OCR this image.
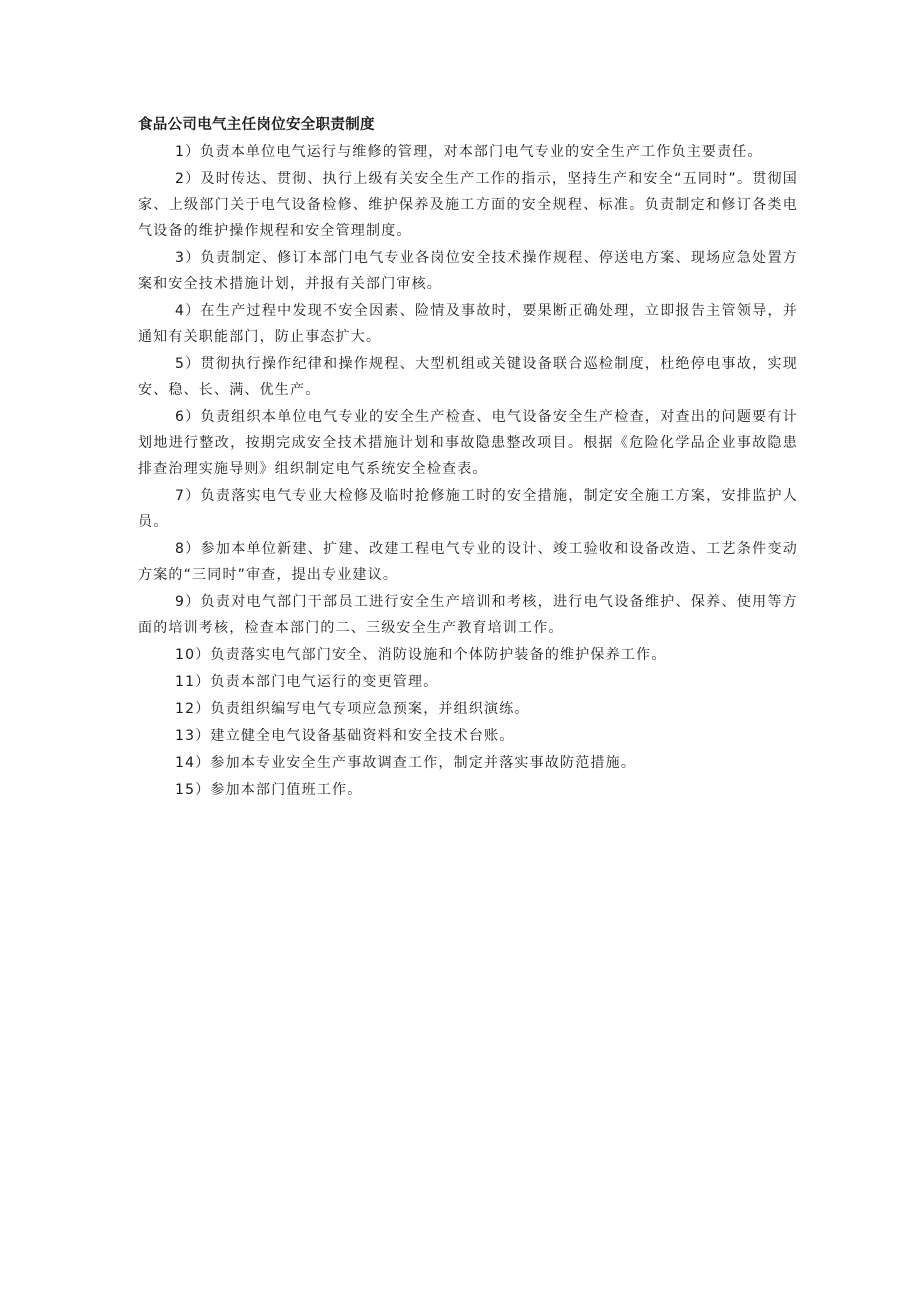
食品公司电气主任岗位安全职责制度

1）负责本单位电气运行与维修的管理，对本部门电气专业的安全生产工作负主要责任。

2）及时传达、贯彻、执行上级有关安全生产工作的指示，坚持生产和安全“五同时”。贯彻国家、上级部门关于电气设备检修、维护保养及施工方面的安全规程、标准。负责制定和修订各类电气设备的维护操作规程和安全管理制度。

3）负责制定、修订本部门电气专业各岗位安全技术操作规程、停送电方案、现场应急处置方案和安全技术措施计划，并报有关部门审核。

4）在生产过程中发现不安全因素、险情及事故时，要果断正确处理，立即报告主管领导，并通知有关职能部门，防止事态扩大。

5）贯彻执行操作纪律和操作规程、大型机组或关键设备联合巡检制度，杜绝停电事故，实现安、稳、长、满、优生产。

6）负责组织本单位电气专业的安全生产检查、电气设备安全生产检查，对查出的问题要有计划地进行整改，按期完成安全技术措施计划和事故隐患整改项目。根据《危险化学品企业事故隐患排查治理实施导则》组织制定电气系统安全检查表。

7）负责落实电气专业大检修及临时抢修施工时的安全措施，制定安全施工方案，安排监护人员。

8）参加本单位新建、扩建、改建工程电气专业的设计、竣工验收和设备改造、工艺条件变动方案的“三同时”审查，提出专业建议。

9）负责对电气部门干部员工进行安全生产培训和考核，进行电气设备维护、保养、使用等方面的培训考核，检查本部门的二、三级安全生产教育培训工作。

10）负责落实电气部门安全、消防设施和个体防护装备的维护保养工作。

11）负责本部门电气运行的变更管理。

12）负责组织编写电气专项应急预案，并组织演练。

13）建立健全电气设备基础资料和安全技术台账。

14）参加本专业安全生产事故调查工作，制定并落实事故防范措施。

15）参加本部门值班工作。
